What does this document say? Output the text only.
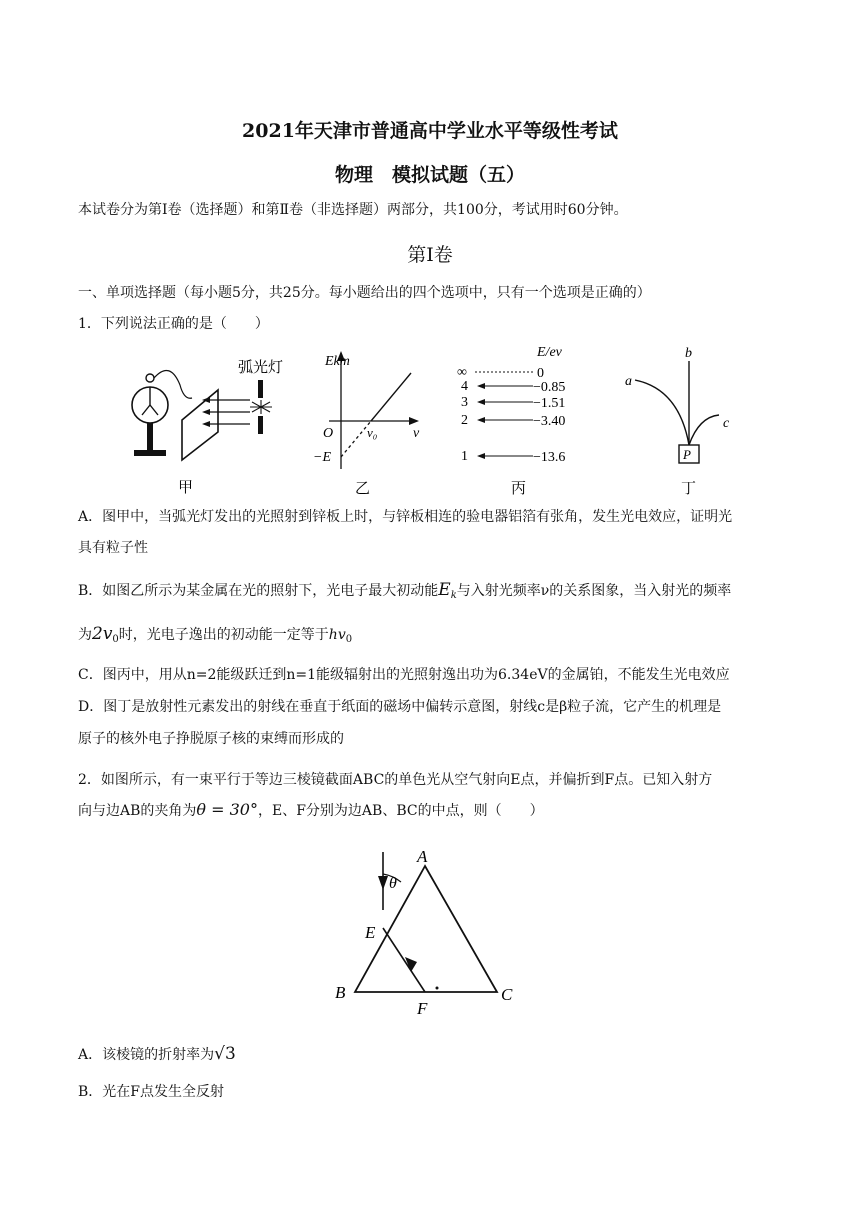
2021年天津市普通高中学业水平等级性考试
物理　模拟试题（五）
本试卷分为第Ⅰ卷（选择题）和第Ⅱ卷（非选择题）两部分，共100分，考试用时60分钟。
第Ⅰ卷
一、单项选择题（每小题5分，共25分。每小题给出的四个选项中，只有一个选项是正确的）
1．下列说法正确的是（　　）
弧光灯
甲
Ekm
O	v₀	v
−E
乙
E/ev
∞	0
4	−0.85
3	−1.51
2	−3.40
1	−13.6
丙
P
b
a
c
丁
A．图甲中，当弧光灯发出的光照射到锌板上时，与锌板相连的验电器铝箔有张角，发生光电效应，证明光
具有粒子性
B．如图乙所示为某金属在光的照射下，光电子最大初动能$E_k$与入射光频率ν的关系图象，当入射光的频率
为$2v_0$时，光电子逸出的初动能一定等于$hv_0$
C．图丙中，用从n=2能级跃迁到n=1能级辐射出的光照射逸出功为6.34eV的金属铂，不能发生光电效应
D．图丁是放射性元素发出的射线在垂直于纸面的磁场中偏转示意图，射线c是β粒子流，它产生的机理是
原子的核外电子挣脱原子核的束缚而形成的
2．如图所示，有一束平行于等边三棱镜截面ABC的单色光从空气射向E点，并偏折到F点。已知入射方
向与边AB的夹角为θ = 30°，E、F分别为边AB、BC的中点，则（　　）
A
θ
E
B	C
F
A．该棱镜的折射率为√3
B．光在F点发生全反射
